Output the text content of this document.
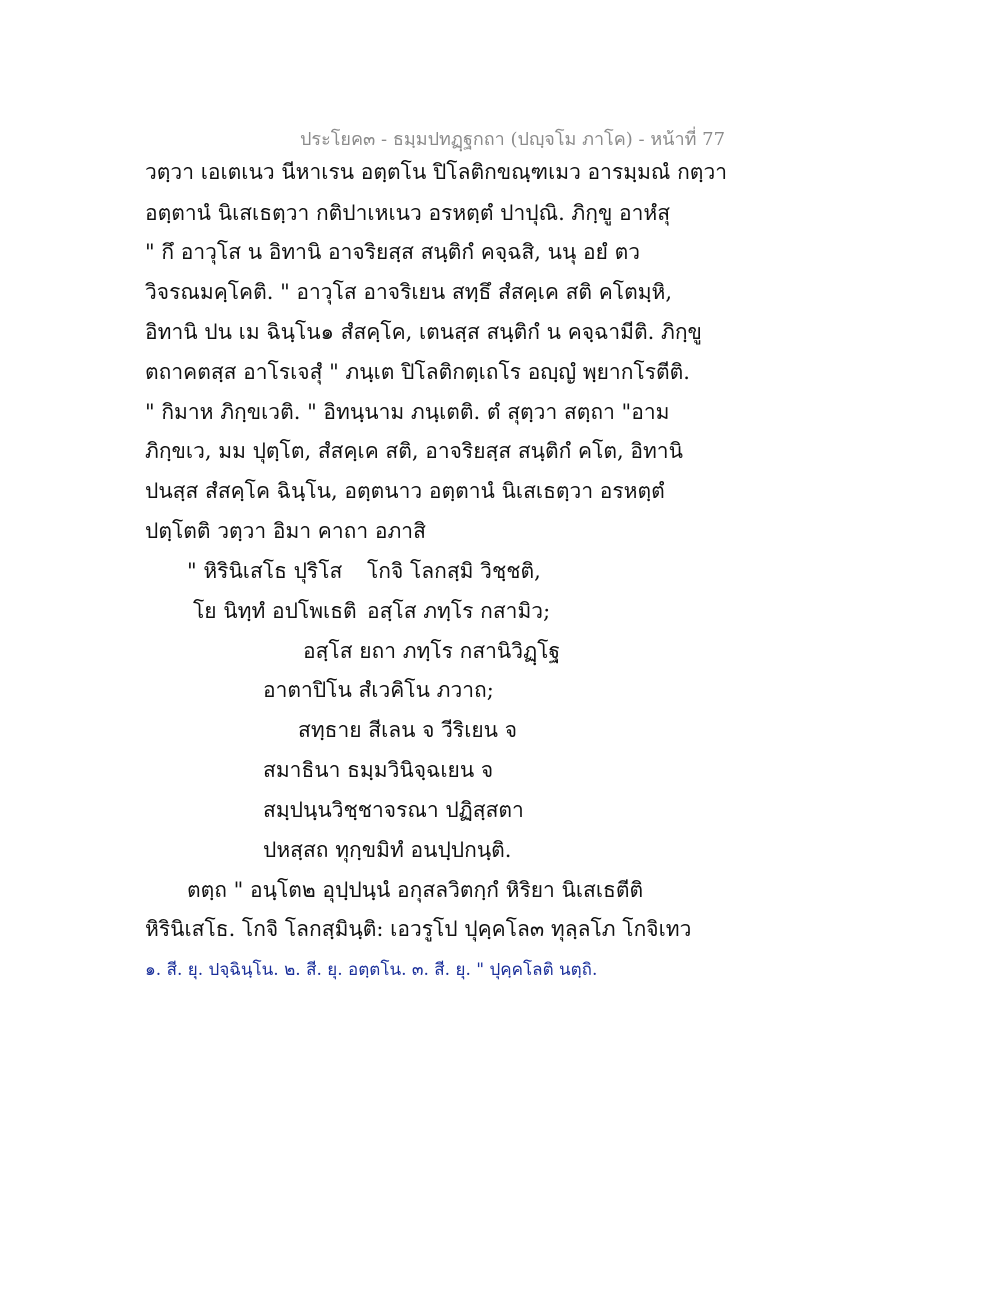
ประโยค๓ - ธมฺมปทฏฺฐกถา (ปญฺจโม ภาโค) - หน้าที่ 77
วตฺวา เอเตเนว นีหาเรน อตฺตโน ปิโลติกขณฺฑเมว อารมฺมณํ กตฺวา
อตฺตานํ นิเสเธตฺวา กติปาเหเนว อรหตฺตํ ปาปุณิ. ภิกฺขู อาหํสุ
" กึ อาวุโส น อิทานิ อาจริยสฺส สนฺติกํ คจฺฉสิ, นนุ อยํ ตว
วิจรณมคฺโคติ. " อาวุโส อาจริเยน สทฺธึ สํสคฺเค สติ คโตมฺหิ,
อิทานิ ปน เม ฉินฺโน๑ สํสคฺโค, เตนสฺส สนฺติกํ น คจฺฉามีติ. ภิกฺขู
ตถาคตสฺส อาโรเจสุํ " ภนฺเต ปิโลติกตฺเถโร อญฺญํ พฺยากโรตีติ.
" กิมาห ภิกฺขเวติ. " อิทนฺนาม ภนฺเตติ. ตํ สุตฺวา สตฺถา "อาม
ภิกฺขเว, มม ปุตฺโต, สํสคฺเค สติ, อาจริยสฺส สนฺติกํ คโต, อิทานิ
ปนสฺส สํสคฺโค ฉินฺโน, อตฺตนาว อตฺตานํ นิเสเธตฺวา อรหตฺตํ
ปตฺโตติ วตฺวา อิมา คาถา อภาสิ
" หิรินิเสโธ ปุริโส โกจิ โลกสฺมิ วิชฺชติ,
โย นิทฺทํ อปโพเธติ อสฺโส ภทฺโร กสามิว;
อสฺโส ยถา ภทฺโร กสานิวิฏฺโฐ
อาตาปิโน สํเวคิโน ภวาถ;
สทฺธาย สีเลน จ วีริเยน จ
สมาธินา ธมฺมวินิจฺฉเยน จ
สมฺปนฺนวิชฺชาจรณา ปฏิสฺสตา
ปหสฺสถ ทุกฺขมิทํ อนปฺปกนฺติ.
ตตฺถ " อนฺโต๒ อุปฺปนฺนํ อกุสลวิตกฺกํ หิริยา นิเสเธตีติ
หิรินิเสโธ. โกจิ โลกสฺมินฺติ: เอวรูโป ปุคฺคโล๓ ทุลฺลโภ โกจิเทว
๑. สี. ยุ. ปจฺฉินฺโน. ๒. สี. ยุ. อตฺตโน. ๓. สี. ยุ. " ปุคฺคโลติ นตฺถิ.
